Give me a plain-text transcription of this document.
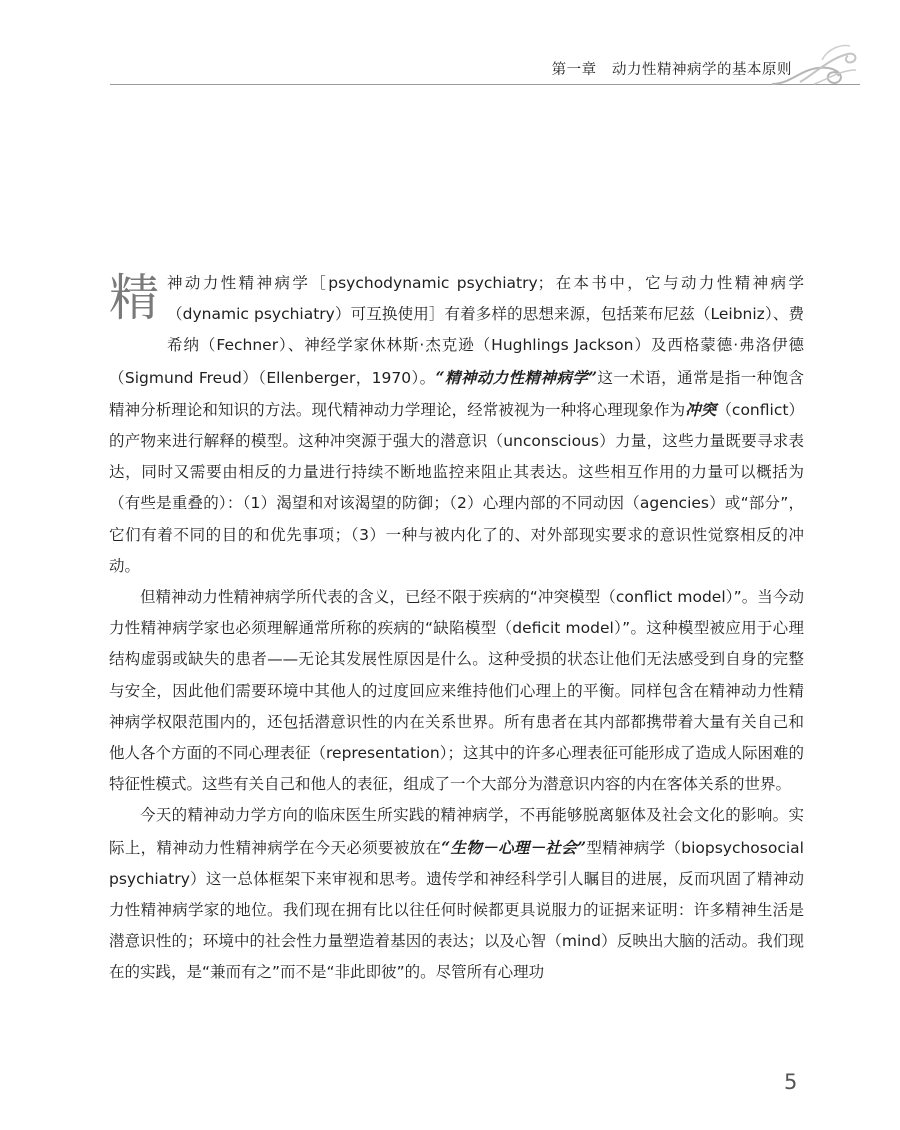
第一章 动力性精神病学的基本原则

精神动力性精神病学［psychodynamic psychiatry；在本书中，它与动力性精神病学（dynamic psychiatry）可互换使用］有着多样的思想来源，包括莱布尼兹（Leibniz）、费希纳（Fechner）、神经学家休林斯·杰克逊（Hughlings Jackson）及西格蒙德·弗洛伊德（Sigmund Freud）（Ellenberger，1970）。“精神动力性精神病学”这一术语，通常是指一种饱含精神分析理论和知识的方法。现代精神动力学理论，经常被视为一种将心理现象作为冲突（conflict）的产物来进行解释的模型。这种冲突源于强大的潜意识（unconscious）力量，这些力量既要寻求表达，同时又需要由相反的力量进行持续不断地监控来阻止其表达。这些相互作用的力量可以概括为（有些是重叠的）：（1）渴望和对该渴望的防御；（2）心理内部的不同动因（agencies）或“部分”，它们有着不同的目的和优先事项；（3）一种与被内化了的、对外部现实要求的意识性觉察相反的冲动。

但精神动力性精神病学所代表的含义，已经不限于疾病的“冲突模型（conflict model）”。当今动力性精神病学家也必须理解通常所称的疾病的“缺陷模型（deficit model）”。这种模型被应用于心理结构虚弱或缺失的患者——无论其发展性原因是什么。这种受损的状态让他们无法感受到自身的完整与安全，因此他们需要环境中其他人的过度回应来维持他们心理上的平衡。同样包含在精神动力性精神病学权限范围内的，还包括潜意识性的内在关系世界。所有患者在其内部都携带着大量有关自己和他人各个方面的不同心理表征（representation）；这其中的许多心理表征可能形成了造成人际困难的特征性模式。这些有关自己和他人的表征，组成了一个大部分为潜意识内容的内在客体关系的世界。

今天的精神动力学方向的临床医生所实践的精神病学，不再能够脱离躯体及社会文化的影响。实际上，精神动力性精神病学在今天必须要被放在“生物－心理－社会”型精神病学（biopsychosocial psychiatry）这一总体框架下来审视和思考。遗传学和神经科学引人瞩目的进展，反而巩固了精神动力性精神病学家的地位。我们现在拥有比以往任何时候都更具说服力的证据来证明：许多精神生活是潜意识性的；环境中的社会性力量塑造着基因的表达；以及心智（mind）反映出大脑的活动。我们现在的实践，是“兼而有之”而不是“非此即彼”的。尽管所有心理功

5
